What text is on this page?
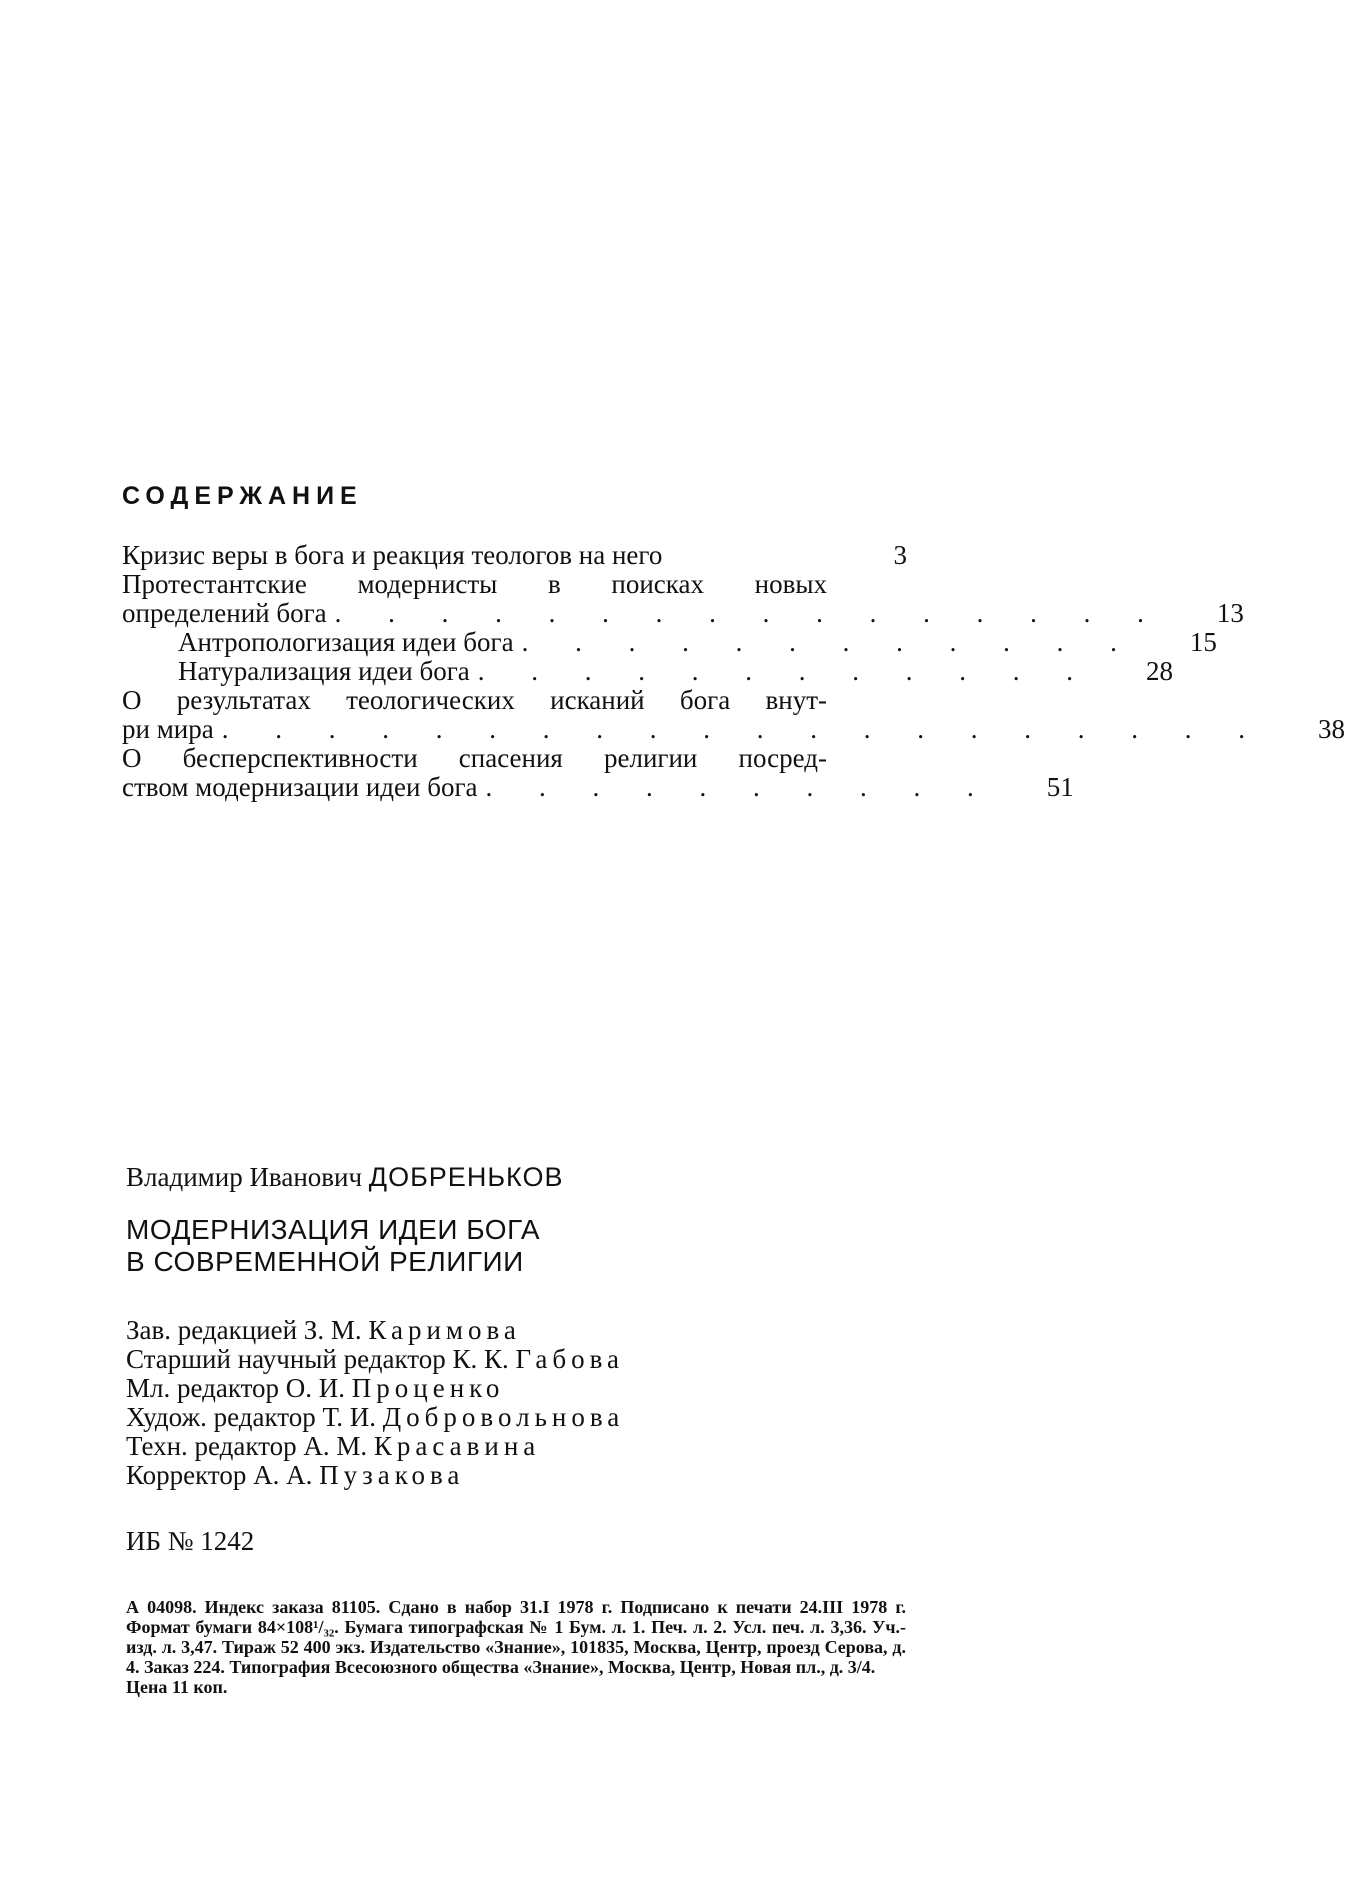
СОДЕРЖАНИЕ
Кризис веры в бога и реакция теологов на него	3
Протестантские модернисты в поисках новых
определений бога . . . . . . . . . . . . . . . .	13
Антропологизация идеи бога . . . . . . . . . . . .	15
Натурализация идеи бога . . . . . . . . . . . .	28
О результатах теологических исканий бога внут-
ри мира . . . . . . . . . . . . . . . . . . . .	38
О бесперспективности спасения религии посред-
ством модернизации идеи бога . . . . . . . . . .	51

Владимир Иванович ДОБРЕНЬКОВ

МОДЕРНИЗАЦИЯ ИДЕИ БОГА
В СОВРЕМЕННОЙ РЕЛИГИИ
Зав. редакцией З. М. Каримова
Старший научный редактор К. К. Габова
Мл. редактор О. И. Проценко
Худож. редактор Т. И. Добровольнова
Техн. редактор А. М. Красавина
Корректор А. А. Пузакова
ИБ № 1242
А 04098. Индекс заказа 81105. Сдано в набор 31.I 1978 г. Подписано к печати 24.III 1978 г. Формат бумаги 84×108¹/₃₂. Бумага типографская № 1 Бум. л. 1. Печ. л. 2. Усл. печ. л. 3,36. Уч.-изд. л. 3,47. Тираж 52 400 экз. Издательство «Знание», 101835, Москва, Центр, проезд Серова, д. 4. Заказ 224. Типография Всесоюзного общества «Знание», Москва, Центр, Новая пл., д. 3/4.
Цена 11 коп.
